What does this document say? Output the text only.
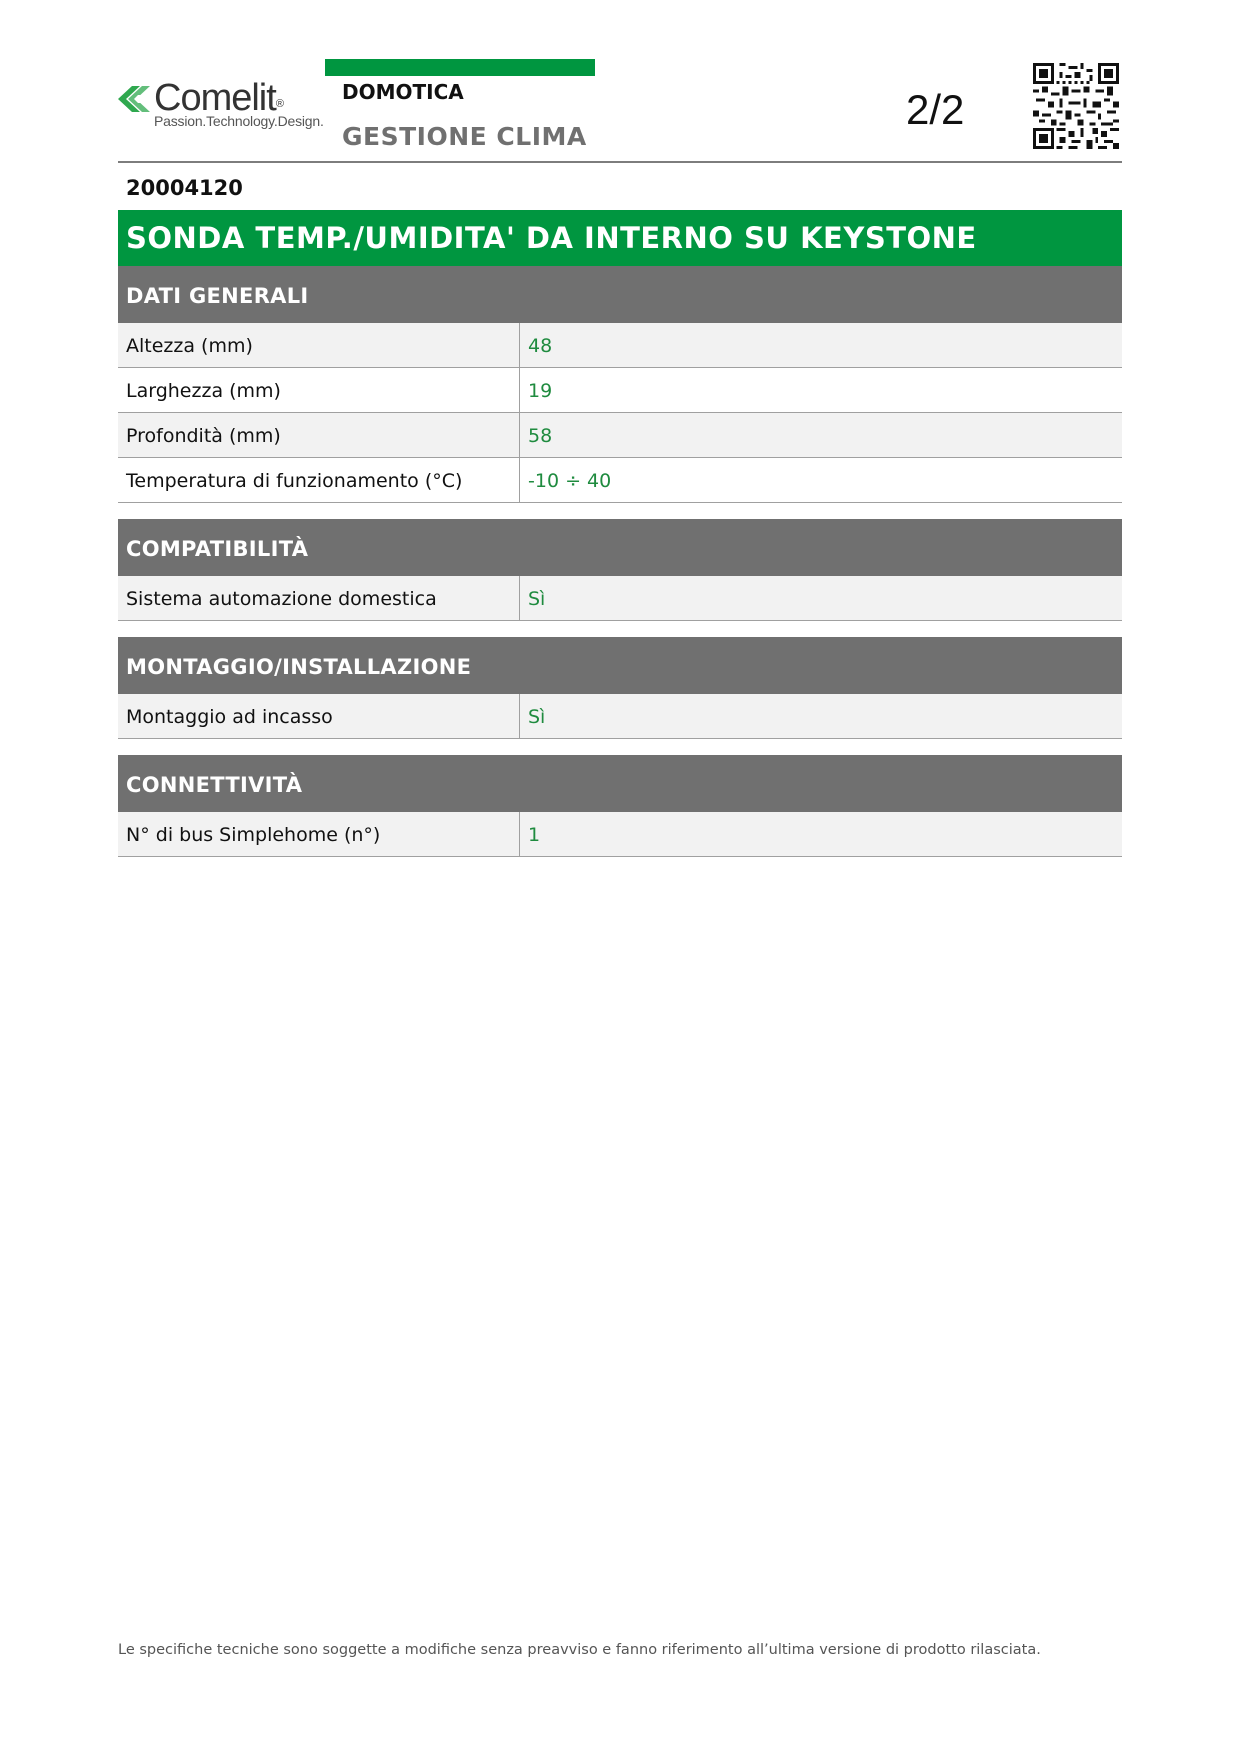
Comelit®
Passion.Technology.Design.
DOMOTICA
GESTIONE CLIMA
2/2
20004120
SONDA TEMP./UMIDITA' DA INTERNO SU KEYSTONE
DATI GENERALI
Altezza (mm)	48
Larghezza (mm)	19
Profondità (mm)	58
Temperatura di funzionamento (°C)	-10 ÷ 40
COMPATIBILITÀ
Sistema automazione domestica	Sì
MONTAGGIO/INSTALLAZIONE
Montaggio ad incasso	Sì
CONNETTIVITÀ
N° di bus Simplehome (n°)	1
Le specifiche tecniche sono soggette a modifiche senza preavviso e fanno riferimento all’ultima versione di prodotto rilasciata.
